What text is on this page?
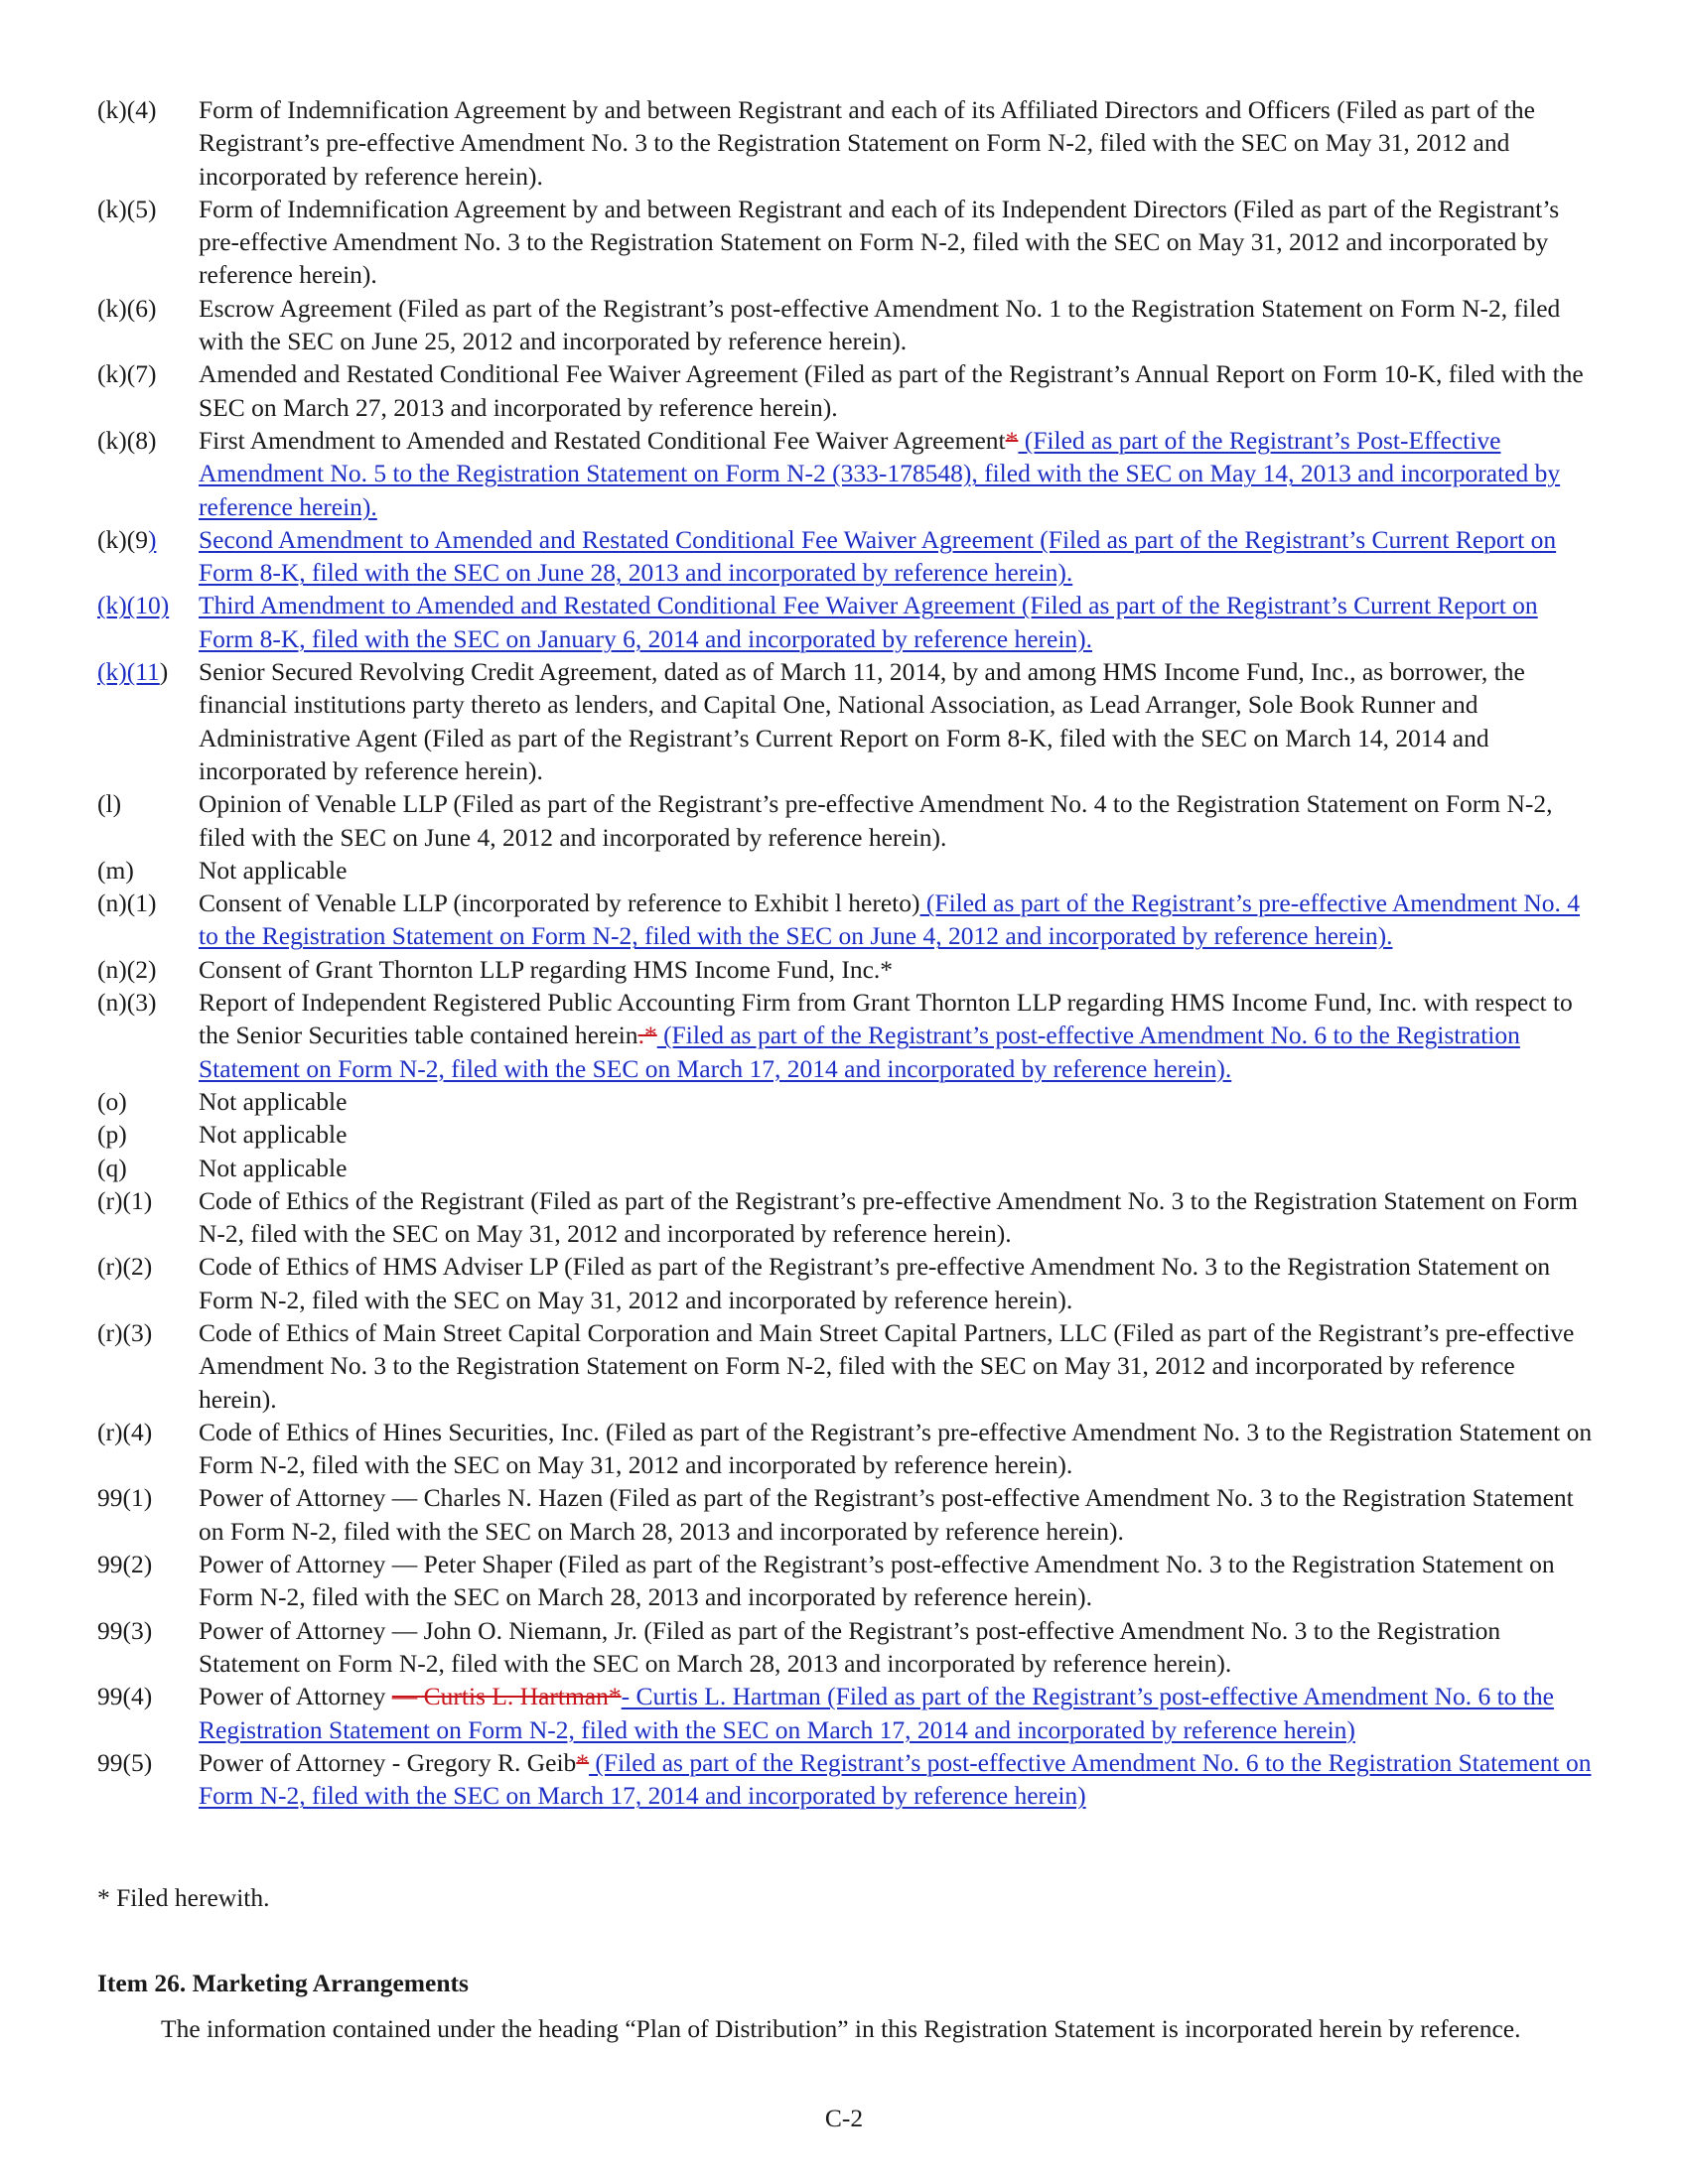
(k)(4)	Form of Indemnification Agreement by and between Registrant and each of its Affiliated Directors and Officers (Filed as part of the Registrant’s pre-effective Amendment No. 3 to the Registration Statement on Form N-2, filed with the SEC on May 31, 2012 and incorporated by reference herein).
(k)(5)	Form of Indemnification Agreement by and between Registrant and each of its Independent Directors (Filed as part of the Registrant’s pre-effective Amendment No. 3 to the Registration Statement on Form N-2, filed with the SEC on May 31, 2012 and incorporated by reference herein).
(k)(6)	Escrow Agreement (Filed as part of the Registrant’s post-effective Amendment No. 1 to the Registration Statement on Form N-2, filed with the SEC on June 25, 2012 and incorporated by reference herein).
(k)(7)	Amended and Restated Conditional Fee Waiver Agreement (Filed as part of the Registrant’s Annual Report on Form 10-K, filed with the SEC on March 27, 2013 and incorporated by reference herein).
(k)(8)	First Amendment to Amended and Restated Conditional Fee Waiver Agreement* (Filed as part of the Registrant’s Post-Effective Amendment No. 5 to the Registration Statement on Form N-2 (333-178548), filed with the SEC on May 14, 2013 and incorporated by reference herein).
(k)(9)	Second Amendment to Amended and Restated Conditional Fee Waiver Agreement (Filed as part of the Registrant’s Current Report on Form 8-K, filed with the SEC on June 28, 2013 and incorporated by reference herein).
(k)(10)	Third Amendment to Amended and Restated Conditional Fee Waiver Agreement (Filed as part of the Registrant’s Current Report on Form 8-K, filed with the SEC on January 6, 2014 and incorporated by reference herein).
(k)(11)	Senior Secured Revolving Credit Agreement, dated as of March 11, 2014, by and among HMS Income Fund, Inc., as borrower, the financial institutions party thereto as lenders, and Capital One, National Association, as Lead Arranger, Sole Book Runner and Administrative Agent (Filed as part of the Registrant’s Current Report on Form 8-K, filed with the SEC on March 14, 2014 and incorporated by reference herein).
(l)	Opinion of Venable LLP (Filed as part of the Registrant’s pre-effective Amendment No. 4 to the Registration Statement on Form N-2, filed with the SEC on June 4, 2012 and incorporated by reference herein).
(m)	Not applicable
(n)(1)	Consent of Venable LLP (incorporated by reference to Exhibit l hereto) (Filed as part of the Registrant’s pre-effective Amendment No. 4 to the Registration Statement on Form N-2, filed with the SEC on June 4, 2012 and incorporated by reference herein).
(n)(2)	Consent of Grant Thornton LLP regarding HMS Income Fund, Inc.*
(n)(3)	Report of Independent Registered Public Accounting Firm from Grant Thornton LLP regarding HMS Income Fund, Inc. with respect to the Senior Securities table contained herein.* (Filed as part of the Registrant’s post-effective Amendment No. 6 to the Registration Statement on Form N-2, filed with the SEC on March 17, 2014 and incorporated by reference herein).
(o)	Not applicable
(p)	Not applicable
(q)	Not applicable
(r)(1)	Code of Ethics of the Registrant (Filed as part of the Registrant’s pre-effective Amendment No. 3 to the Registration Statement on Form N-2, filed with the SEC on May 31, 2012 and incorporated by reference herein).
(r)(2)	Code of Ethics of HMS Adviser LP (Filed as part of the Registrant’s pre-effective Amendment No. 3 to the Registration Statement on Form N-2, filed with the SEC on May 31, 2012 and incorporated by reference herein).
(r)(3)	Code of Ethics of Main Street Capital Corporation and Main Street Capital Partners, LLC (Filed as part of the Registrant’s pre-effective Amendment No. 3 to the Registration Statement on Form N-2, filed with the SEC on May 31, 2012 and incorporated by reference herein).
(r)(4)	Code of Ethics of Hines Securities, Inc. (Filed as part of the Registrant’s pre-effective Amendment No. 3 to the Registration Statement on Form N-2, filed with the SEC on May 31, 2012 and incorporated by reference herein).
99(1)	Power of Attorney — Charles N. Hazen (Filed as part of the Registrant’s post-effective Amendment No. 3 to the Registration Statement on Form N-2, filed with the SEC on March 28, 2013 and incorporated by reference herein).
99(2)	Power of Attorney — Peter Shaper (Filed as part of the Registrant’s post-effective Amendment No. 3 to the Registration Statement on Form N-2, filed with the SEC on March 28, 2013 and incorporated by reference herein).
99(3)	Power of Attorney — John O. Niemann, Jr. (Filed as part of the Registrant’s post-effective Amendment No. 3 to the Registration Statement on Form N-2, filed with the SEC on March 28, 2013 and incorporated by reference herein).
99(4)	Power of Attorney — Curtis L. Hartman*- Curtis L. Hartman (Filed as part of the Registrant’s post-effective Amendment No. 6 to the Registration Statement on Form N-2, filed with the SEC on March 17, 2014 and incorporated by reference herein)
99(5)	Power of Attorney - Gregory R. Geib* (Filed as part of the Registrant’s post-effective Amendment No. 6 to the Registration Statement on Form N-2, filed with the SEC on March 17, 2014 and incorporated by reference herein)
* Filed herewith.
Item 26. Marketing Arrangements
The information contained under the heading “Plan of Distribution” in this Registration Statement is incorporated herein by reference.
C-2
